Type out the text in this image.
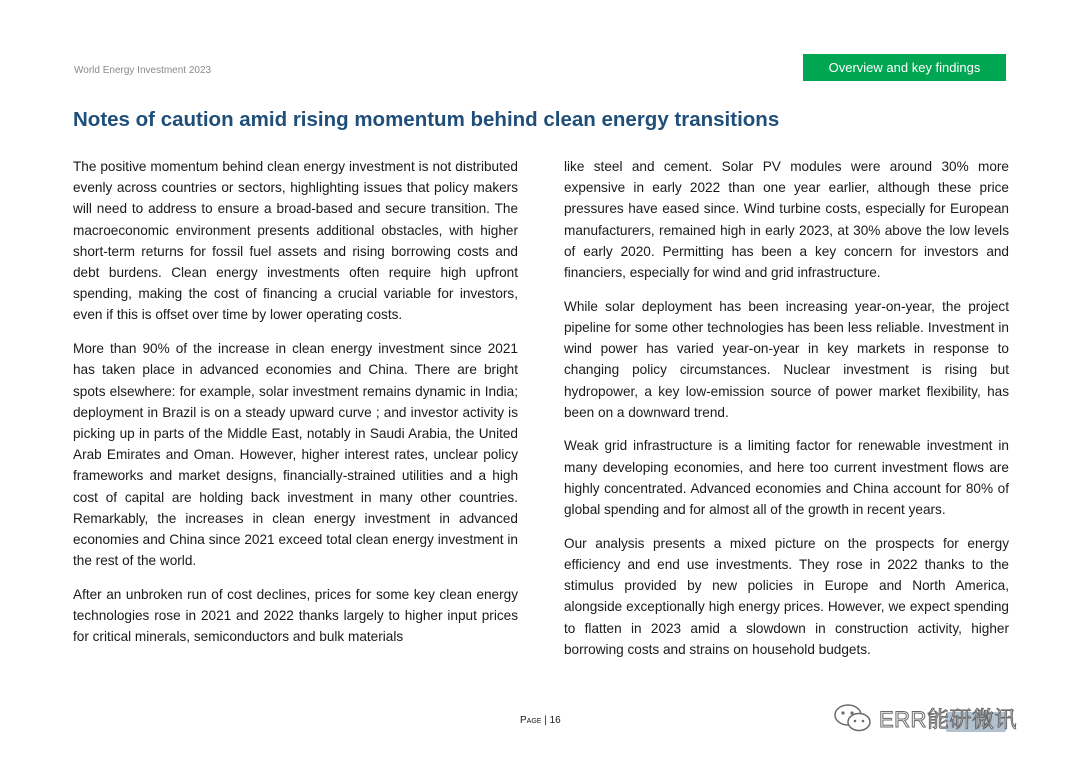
World Energy Investment 2023	Overview and key findings
Notes of caution amid rising momentum behind clean energy transitions

The positive momentum behind clean energy investment is not distributed evenly across countries or sectors, highlighting issues that policy makers will need to address to ensure a broad-based and secure transition. The macroeconomic environment presents additional obstacles, with higher short-term returns for fossil fuel assets and rising borrowing costs and debt burdens. Clean energy investments often require high upfront spending, making the cost of financing a crucial variable for investors, even if this is offset over time by lower operating costs.

More than 90% of the increase in clean energy investment since 2021 has taken place in advanced economies and China. There are bright spots elsewhere: for example, solar investment remains dynamic in India; deployment in Brazil is on a steady upward curve ; and investor activity is picking up in parts of the Middle East, notably in Saudi Arabia, the United Arab Emirates and Oman. However, higher interest rates, unclear policy frameworks and market designs, financially-strained utilities and a high cost of capital are holding back investment in many other countries. Remarkably, the increases in clean energy investment in advanced economies and China since 2021 exceed total clean energy investment in the rest of the world.

After an unbroken run of cost declines, prices for some key clean energy technologies rose in 2021 and 2022 thanks largely to higher input prices for critical minerals, semiconductors and bulk materials

like steel and cement. Solar PV modules were around 30% more expensive in early 2022 than one year earlier, although these price pressures have eased since. Wind turbine costs, especially for European manufacturers, remained high in early 2023, at 30% above the low levels of early 2020. Permitting has been a key concern for investors and financiers, especially for wind and grid infrastructure.

While solar deployment has been increasing year-on-year, the project pipeline for some other technologies has been less reliable. Investment in wind power has varied year-on-year in key markets in response to changing policy circumstances. Nuclear investment is rising but hydropower, a key low-emission source of power market flexibility, has been on a downward trend.

Weak grid infrastructure is a limiting factor for renewable investment in many developing economies, and here too current investment flows are highly concentrated. Advanced economies and China account for 80% of global spending and for almost all of the growth in recent years.

Our analysis presents a mixed picture on the prospects for energy efficiency and end use investments. They rose in 2022 thanks to the stimulus provided by new policies in Europe and North America, alongside exceptionally high energy prices. However, we expect spending to flatten in 2023 amid a slowdown in construction activity, higher borrowing costs and strains on household budgets.

Page | 16	ERR能研微讯
